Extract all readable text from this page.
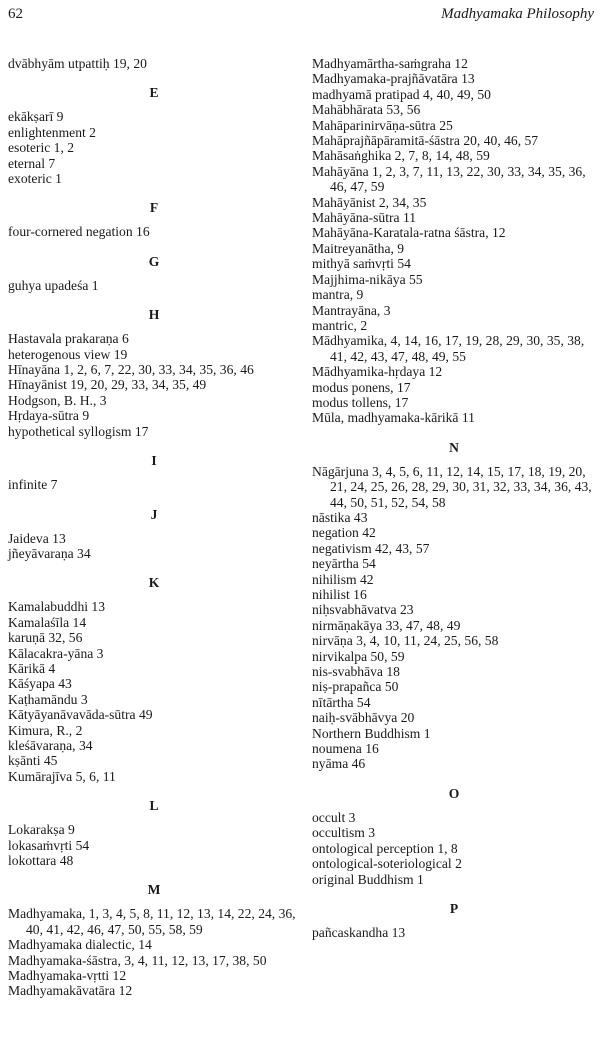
62	Madhyamaka Philosophy
dvābhyām utpattiḥ 19, 20
E
ekākṣarī 9
enlightenment 2
esoteric 1, 2
eternal 7
exoteric 1
F
four-cornered negation 16
G
guhya upadeśa 1
H
Hastavala prakaraṇa 6
heterogenous view 19
Hīnayāna 1, 2, 6, 7, 22, 30, 33, 34, 35, 36, 46
Hīnayānist 19, 20, 29, 33, 34, 35, 49
Hodgson, B. H., 3
Hṛdaya-sūtra 9
hypothetical syllogism 17
I
infinite 7
J
Jaideva 13
jñeyāvaraṇa 34
K
Kamalabuddhi 13
Kamalaśīla 14
karuṇā 32, 56
Kālacakra-yāna 3
Kārikā 4
Kāśyapa 43
Kaṭhamāndu 3
Kātyāyanāvavāda-sūtra 49
Kimura, R., 2
kleśāvaraṇa, 34
kṣānti 45
Kumārajīva 5, 6, 11
L
Lokarakṣa 9
lokasaṁvṛti 54
lokottara 48
M
Madhyamaka, 1, 3, 4, 5, 8, 11, 12, 13, 14, 22, 24, 36, 40, 41, 42, 46, 47, 50, 55, 58, 59
Madhyamaka dialectic, 14
Madhyamaka-śāstra, 3, 4, 11, 12, 13, 17, 38, 50
Madhyamaka-vṛtti 12
Madhyamakāvatāra 12
Madhyamārtha-saṁgraha 12
Madhyamaka-prajñāvatāra 13
madhyamā pratipad 4, 40, 49, 50
Mahābhārata 53, 56
Mahāparinirvāṇa-sūtra 25
Mahāprajñāpāramitā-śāstra 20, 40, 46, 57
Mahāsaṅghika 2, 7, 8, 14, 48, 59
Mahāyāna 1, 2, 3, 7, 11, 13, 22, 30, 33, 34, 35, 36, 46, 47, 59
Mahāyānist 2, 34, 35
Mahāyāna-sūtra 11
Mahāyāna-Karatala-ratna śāstra, 12
Maitreyanātha, 9
mithyā saṁvṛti 54
Majjhima-nikāya 55
mantra, 9
Mantrayāna, 3
mantric, 2
Mādhyamika, 4, 14, 16, 17, 19, 28, 29, 30, 35, 38, 41, 42, 43, 47, 48, 49, 55
Mādhyamika-hṛdaya 12
modus ponens, 17
modus tollens, 17
Mūla, madhyamaka-kārikā 11
N
Nāgārjuna 3, 4, 5, 6, 11, 12, 14, 15, 17, 18, 19, 20, 21, 24, 25, 26, 28, 29, 30, 31, 32, 33, 34, 36, 43, 44, 50, 51, 52, 54, 58
nāstika 43
negation 42
negativism 42, 43, 57
neyārtha 54
nihilism 42
nihilist 16
niḥsvabhāvatva 23
nirmāṇakāya 33, 47, 48, 49
nirvāṇa 3, 4, 10, 11, 24, 25, 56, 58
nirvikalpa 50, 59
nis-svabhāva 18
niṣ-prapañca 50
nītārtha 54
naiḥ-svābhāvya 20
Northern Buddhism 1
noumena 16
nyāma 46
O
occult 3
occultism 3
ontological perception 1, 8
ontological-soteriological 2
original Buddhism 1
P
pañcaskandha 13
